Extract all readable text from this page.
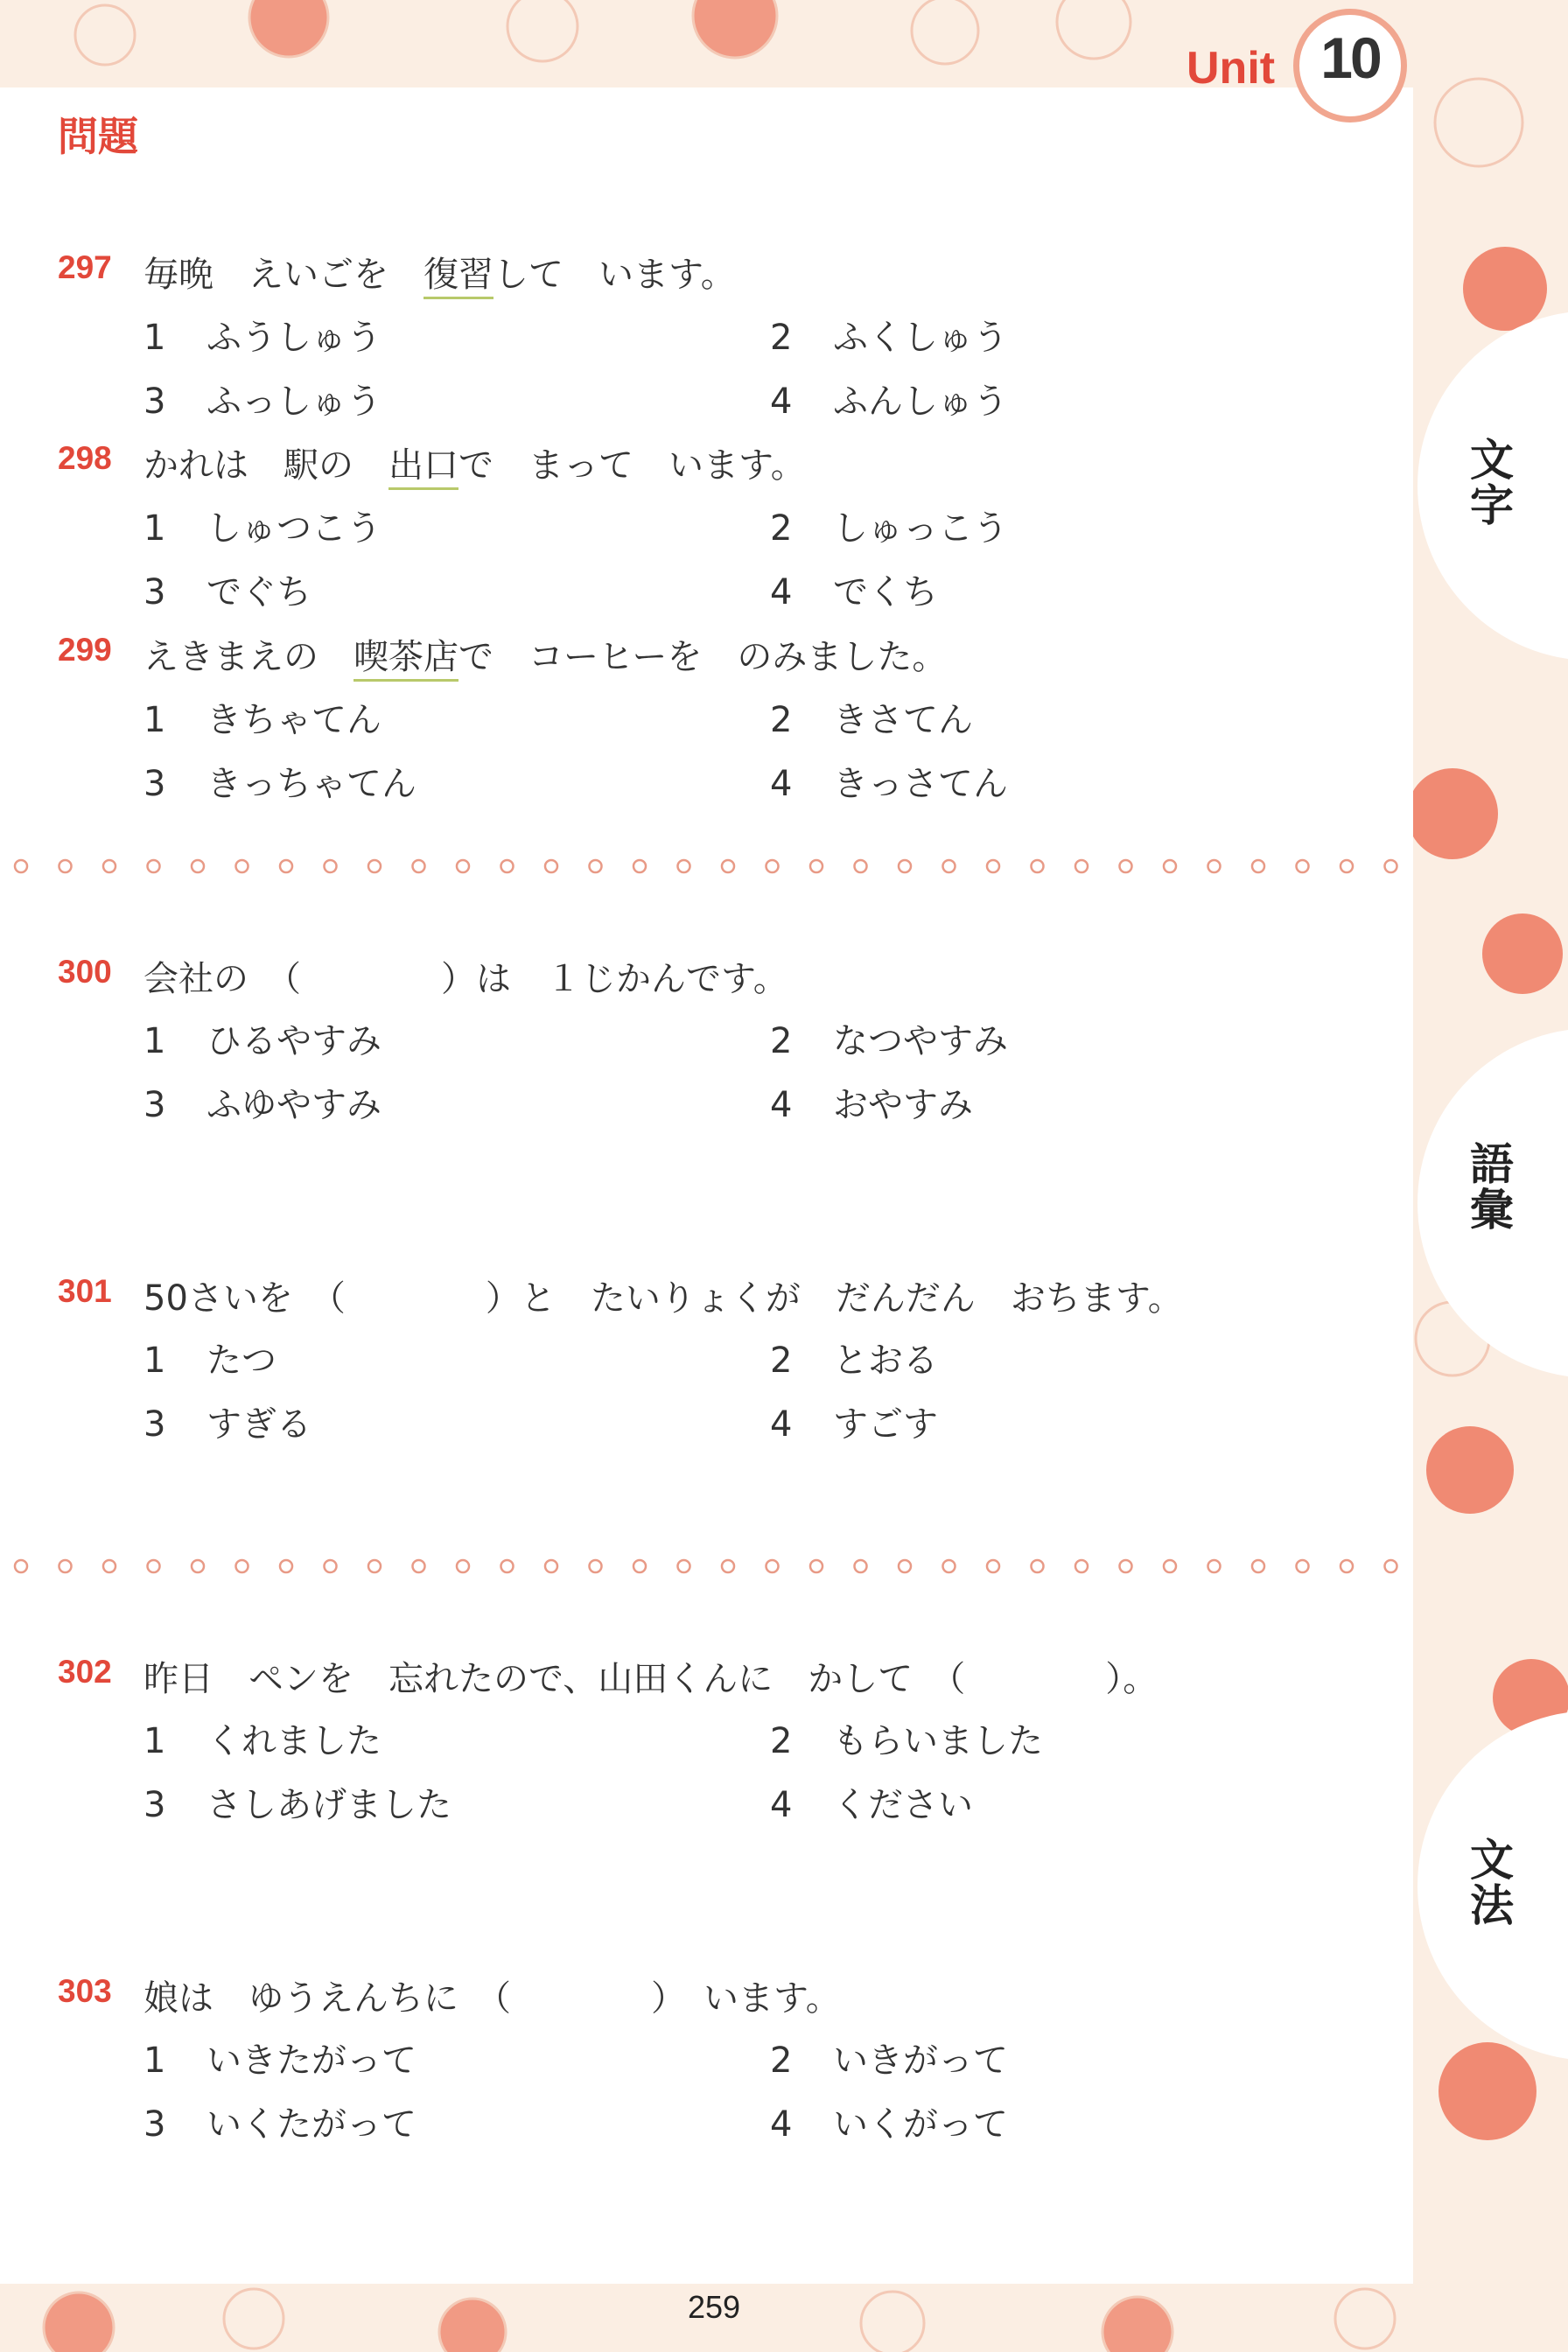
文字
語彙
文法
Unit 10
問題
297 毎晩　えいごを　復習して　います。
1 ふうしゅう	2 ふくしゅう
3 ふっしゅう	4 ふんしゅう
298 かれは　駅の　出口で　まって　います。
1 しゅつこう	2 しゅっこう
3 でぐち	4 でくち
299 えきまえの　喫茶店で　コーヒーを　のみました。
1 きちゃてん	2 きさてん
3 きっちゃてん	4 きっさてん
300 会社の　（　　　　）は　１じかんです。
1 ひるやすみ	2 なつやすみ
3 ふゆやすみ	4 おやすみ
301 50さいを　（　　　　）と　たいりょくが　だんだん　おちます。
1 たつ	2 とおる
3 すぎる	4 すごす
302 昨日　ペンを　忘れたので、山田くんに　かして　（　　　　）。
1 くれました	2 もらいました
3 さしあげました	4 ください
303 娘は　ゆうえんちに　（　　　　）　います。
1 いきたがって	2 いきがって
3 いくたがって	4 いくがって
259
